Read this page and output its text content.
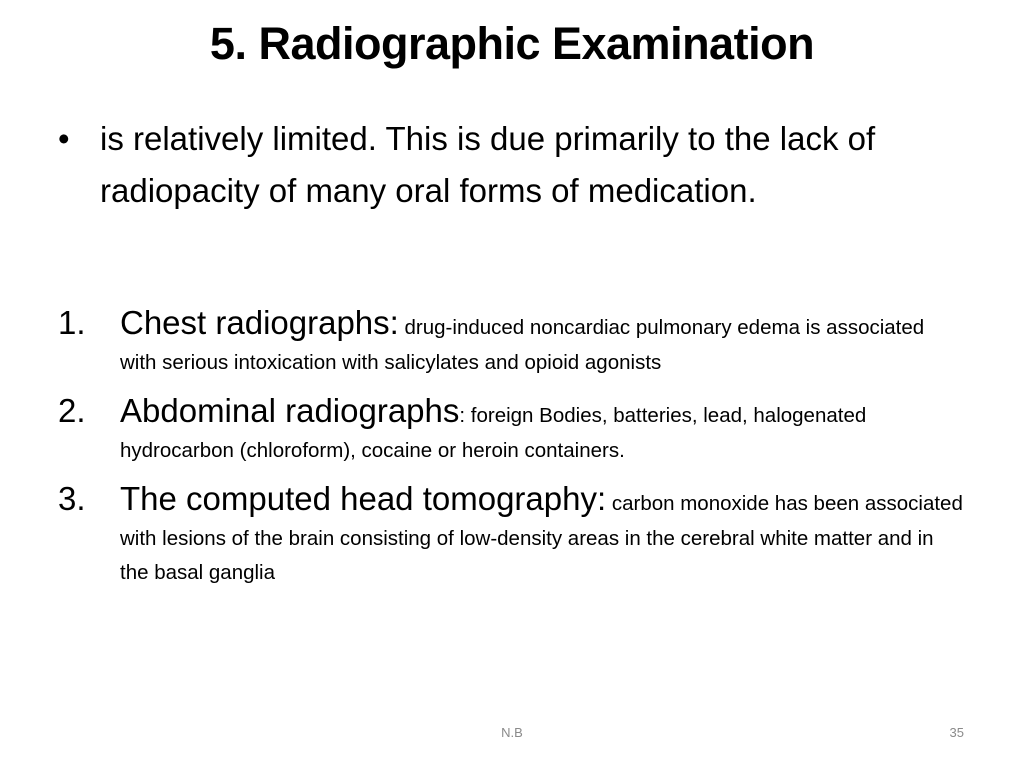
5. Radiographic Examination
• is relatively limited. This is due primarily to the lack of radiopacity of many oral forms of medication.
1. Chest radiographs: drug-induced noncardiac pulmonary edema is associated with serious intoxication with salicylates and opioid agonists
2. Abdominal radiographs: foreign Bodies, batteries, lead, halogenated hydrocarbon (chloroform), cocaine or heroin containers.
3. The computed head tomography: carbon monoxide has been associated with lesions of the brain consisting of low-density areas in the cerebral white matter and in the basal ganglia
N.B	35
